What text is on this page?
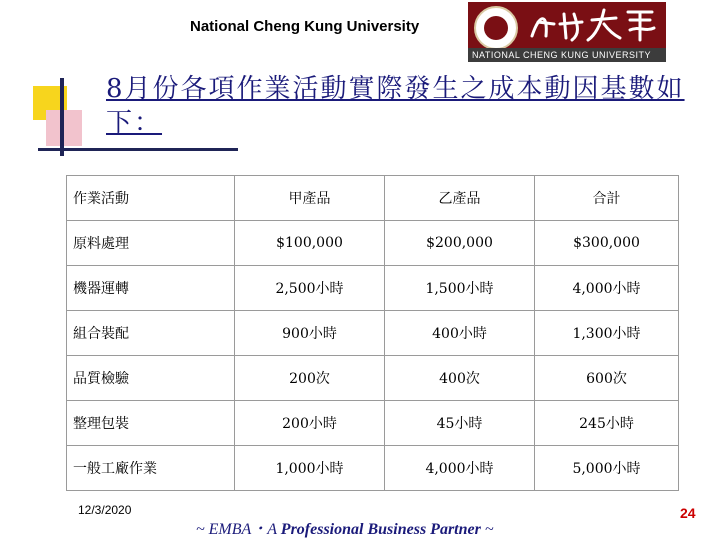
National Cheng Kung University
NATIONAL CHENG KUNG UNIVERSITY
8月份各項作業活動實際發生之成本動因基數如下：
作業活動	甲產品	乙產品	合計
原料處理	$100,000	$200,000	$300,000
機器運轉	2,500小時	1,500小時	4,000小時
組合裝配	900小時	400小時	1,300小時
品質檢驗	200次	400次	600次
整理包裝	200小時	45小時	245小時
一般工廠作業	1,000小時	4,000小時	5,000小時
12/3/2020
~ EMBA・A Professional Business Partner ~
24
